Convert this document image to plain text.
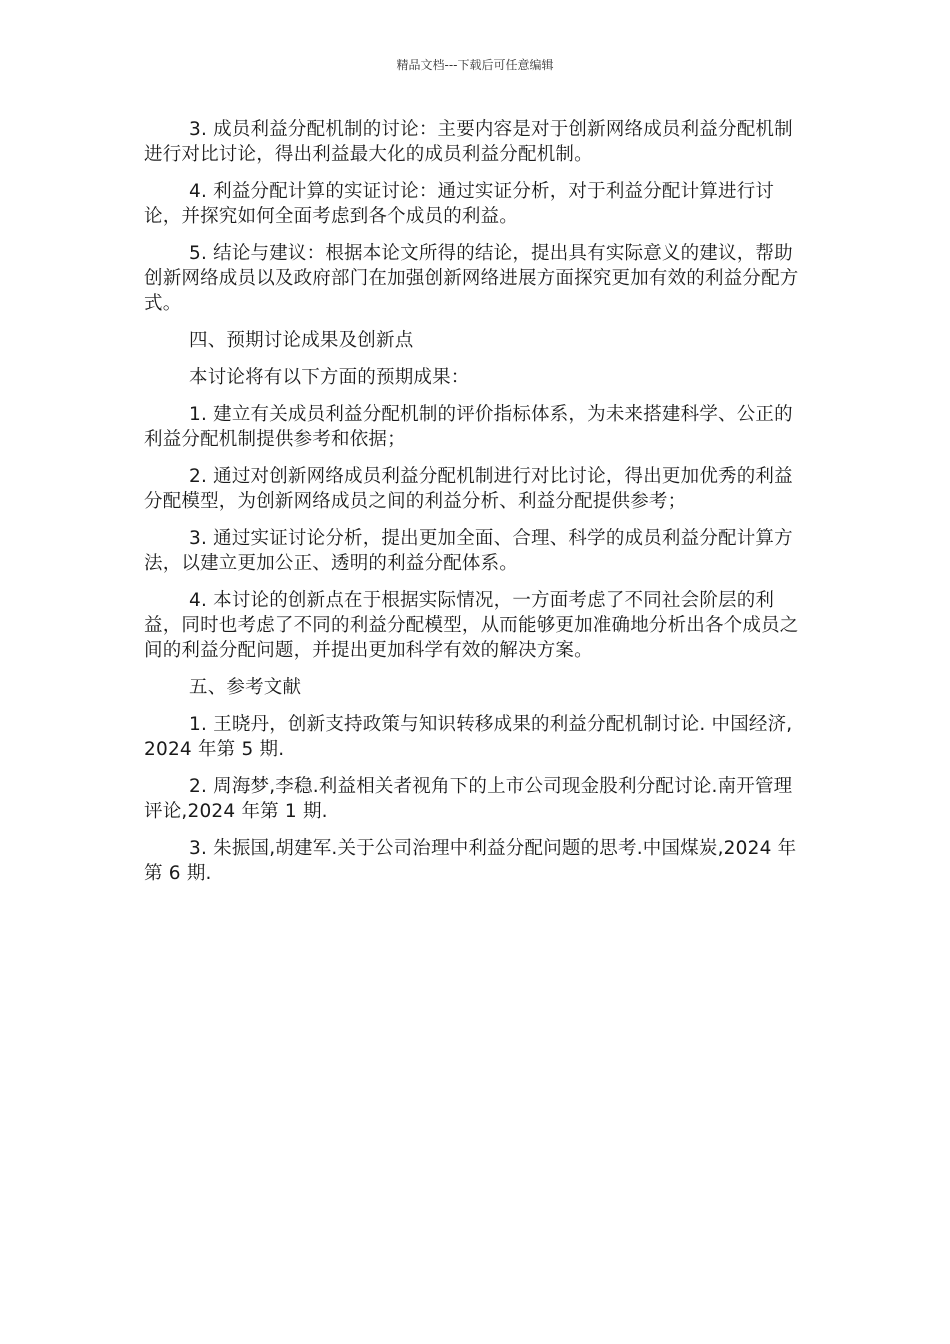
精品文档---下载后可任意编辑

3. 成员利益分配机制的讨论：主要内容是对于创新网络成员利益分配机制进行对比讨论，得出利益最大化的成员利益分配机制。

4. 利益分配计算的实证讨论：通过实证分析，对于利益分配计算进行讨论，并探究如何全面考虑到各个成员的利益。

5. 结论与建议：根据本论文所得的结论，提出具有实际意义的建议，帮助创新网络成员以及政府部门在加强创新网络进展方面探究更加有效的利益分配方式。

四、预期讨论成果及创新点

本讨论将有以下方面的预期成果：

1. 建立有关成员利益分配机制的评价指标体系，为未来搭建科学、公正的利益分配机制提供参考和依据；

2. 通过对创新网络成员利益分配机制进行对比讨论，得出更加优秀的利益分配模型，为创新网络成员之间的利益分析、利益分配提供参考；

3. 通过实证讨论分析，提出更加全面、合理、科学的成员利益分配计算方法，以建立更加公正、透明的利益分配体系。

4. 本讨论的创新点在于根据实际情况，一方面考虑了不同社会阶层的利益，同时也考虑了不同的利益分配模型，从而能够更加准确地分析出各个成员之间的利益分配问题，并提出更加科学有效的解决方案。

五、参考文献

1. 王晓丹，创新支持政策与知识转移成果的利益分配机制讨论. 中国经济,2024 年第 5 期.

2. 周海梦,李稳.利益相关者视角下的上市公司现金股利分配讨论.南开管理评论,2024 年第 1 期.

3. 朱振国,胡建军.关于公司治理中利益分配问题的思考.中国煤炭,2024 年第 6 期.
